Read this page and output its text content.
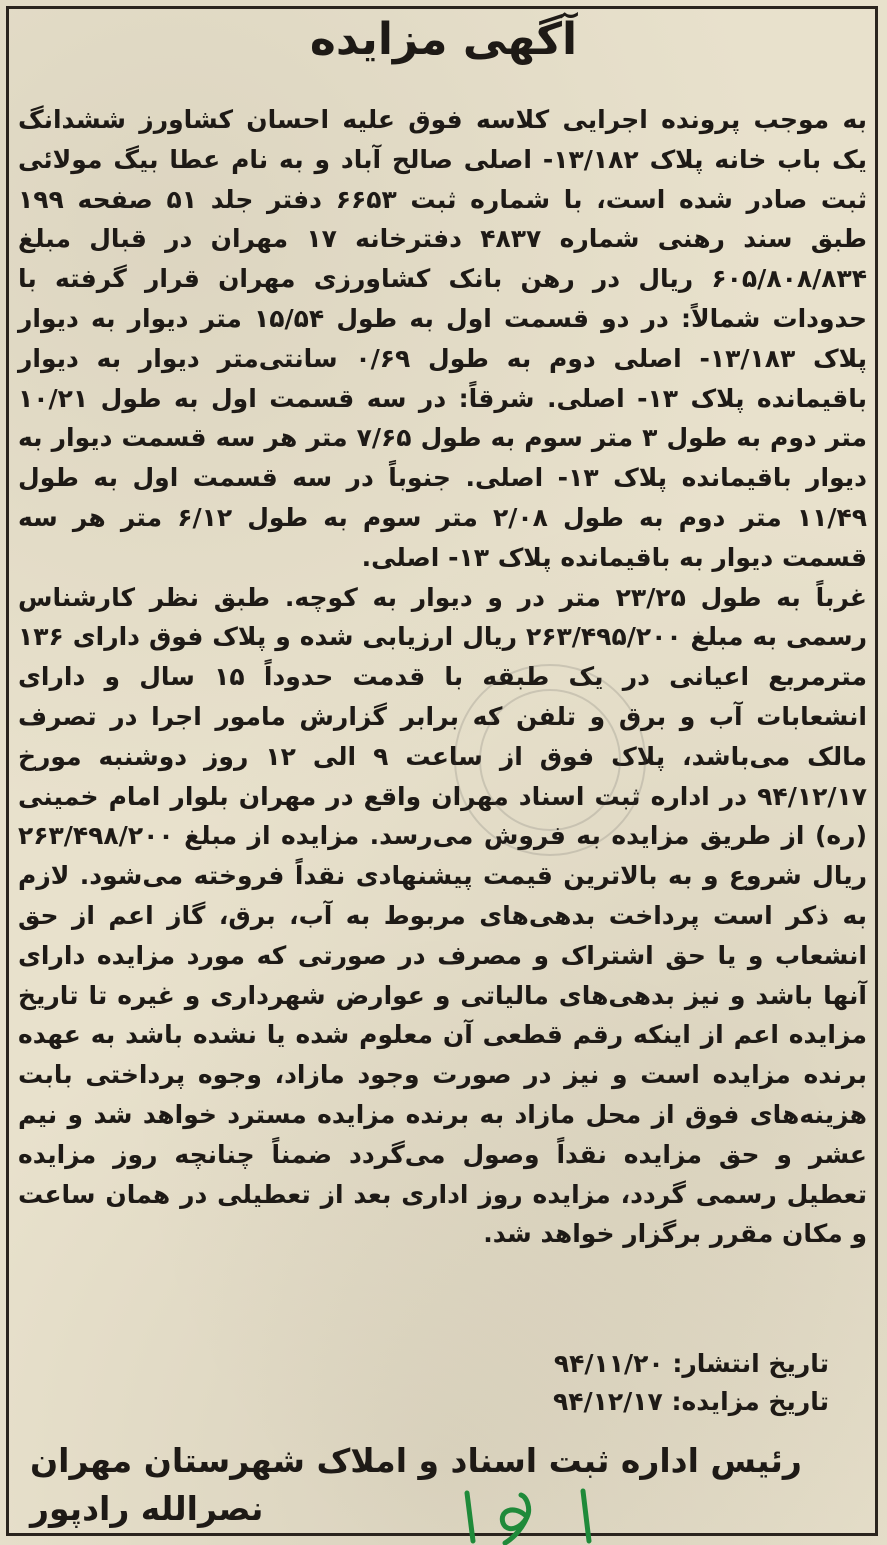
آگهی مزایده

به موجب پرونده اجرایی کلاسه فوق علیه احسان کشاورز ششدانگ یک باب خانه پلاک ۱۳/۱۸۲- اصلی صالح آباد و به نام عطا بیگ مولائی ثبت صادر شده است، با شماره ثبت ۶۶۵۳ دفتر جلد ۵۱ صفحه ۱۹۹ طبق سند رهنی شماره ۴۸۳۷ دفترخانه ۱۷ مهران در قبال مبلغ ۶۰۵/۸۰۸/۸۳۴ ریال در رهن بانک کشاورزی مهران قرار گرفته با حدودات شمالاً: در دو قسمت اول به طول ۱۵/۵۴ متر دیوار به دیوار پلاک ۱۳/۱۸۳- اصلی دوم به طول ۰/۶۹ سانتی‌متر دیوار به دیوار باقیمانده پلاک ۱۳- اصلی. شرقاً: در سه قسمت اول به طول ۱۰/۲۱ متر دوم به طول ۳ متر سوم به طول ۷/۶۵ متر هر سه قسمت دیوار به دیوار باقیمانده پلاک ۱۳- اصلی. جنوباً در سه قسمت اول به طول ۱۱/۴۹ متر دوم به طول ۲/۰۸ متر سوم به طول ۶/۱۲ متر هر سه قسمت دیوار به باقیمانده پلاک ۱۳- اصلی.

غرباً به طول ۲۳/۲۵ متر در و دیوار به کوچه. طبق نظر کارشناس رسمی به مبلغ ۲۶۳/۴۹۵/۲۰۰ ریال ارزیابی شده و پلاک فوق دارای ۱۳۶ مترمربع اعیانی در یک طبقه با قدمت حدوداً ۱۵ سال و دارای انشعابات آب و برق و تلفن که برابر گزارش مامور اجرا در تصرف مالک می‌باشد، پلاک فوق از ساعت ۹ الی ۱۲ روز دوشنبه مورخ ۹۴/۱۲/۱۷ در اداره ثبت اسناد مهران واقع در مهران بلوار امام خمینی (ره) از طریق مزایده به فروش می‌رسد. مزایده از مبلغ ۲۶۳/۴۹۸/۲۰۰ ریال شروع و به بالاترین قیمت پیشنهادی نقداً فروخته می‌شود. لازم به ذکر است پرداخت بدهی‌های مربوط به آب، برق، گاز اعم از حق انشعاب و یا حق اشتراک و مصرف در صورتی که مورد مزایده دارای آنها باشد و نیز بدهی‌های مالیاتی و عوارض شهرداری و غیره تا تاریخ مزایده اعم از اینکه رقم قطعی آن معلوم شده یا نشده باشد به عهده برنده مزایده است و نیز در صورت وجود مازاد، وجوه پرداختی بابت هزینه‌های فوق از محل مازاد به برنده مزایده مسترد خواهد شد و نیم عشر و حق مزایده نقداً وصول می‌گردد ضمناً چنانچه روز مزایده تعطیل رسمی گردد، مزایده روز اداری بعد از تعطیلی در همان ساعت و مکان مقرر برگزار خواهد شد.

تاریخ انتشار: ۹۴/۱۱/۲۰
تاریخ مزایده: ۹۴/۱۲/۱۷
رئیس اداره ثبت اسناد و املاک شهرستان مهران
نصرالله رادپور
